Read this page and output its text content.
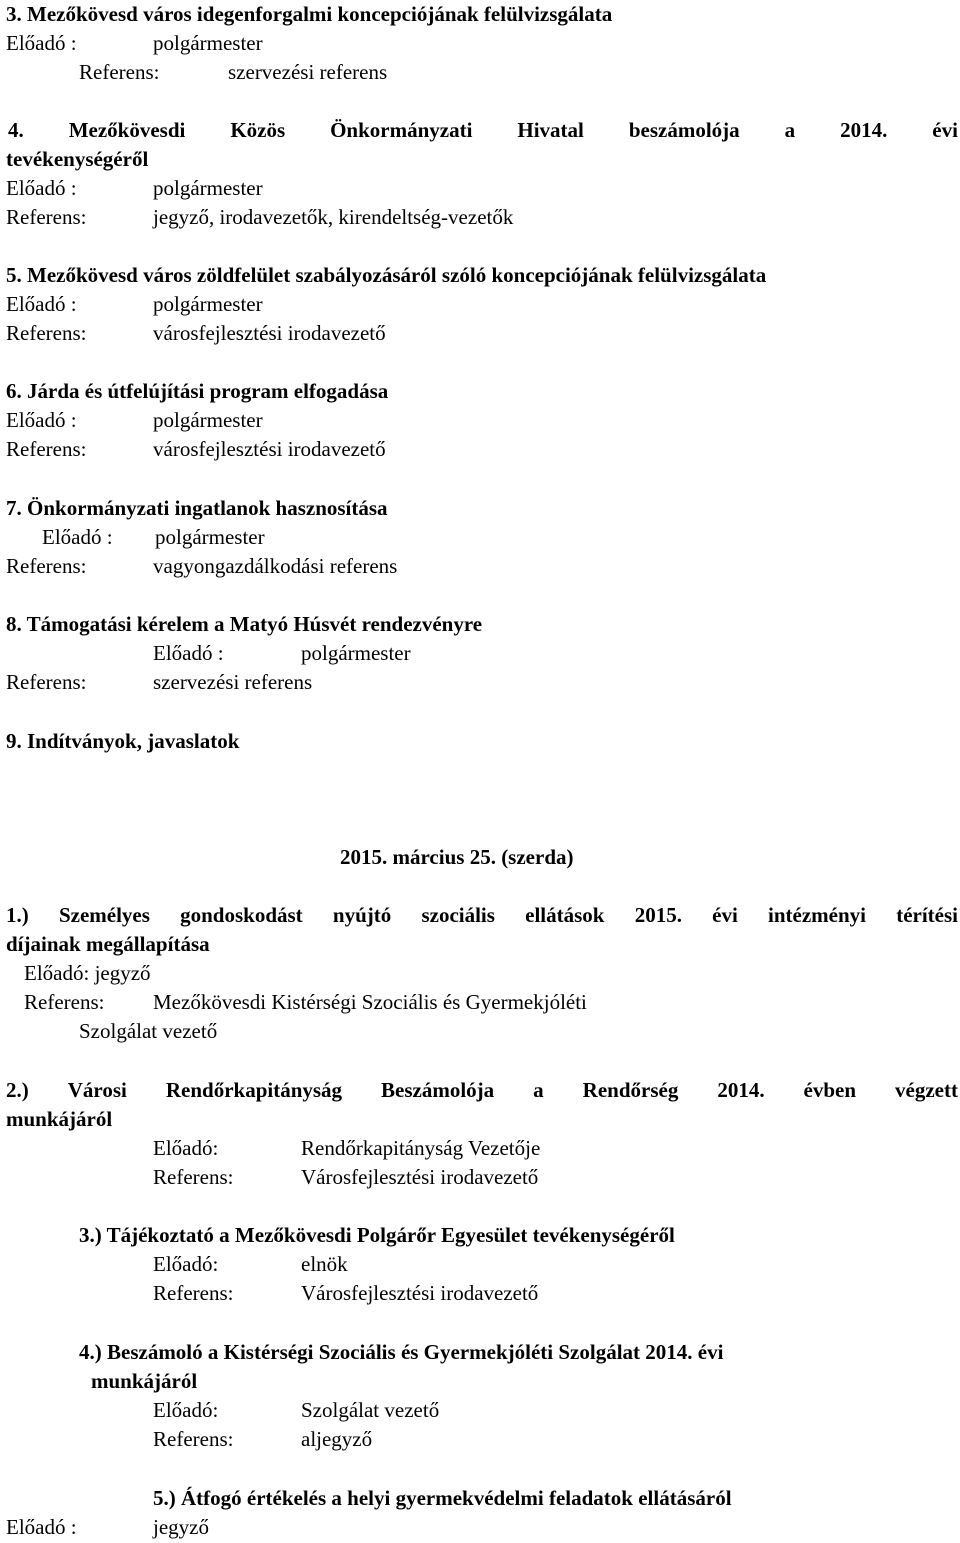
3. Mezőkövesd város idegenforgalmi koncepciójának felülvizsgálata
Előadó :	polgármester
Referens:	szervezési referens
4. Mezőkövesdi Közös Önkormányzati Hivatal beszámolója a 2014. évi
tevékenységéről
Előadó :	polgármester
Referens:	jegyző, irodavezetők, kirendeltség-vezetők
5. Mezőkövesd város zöldfelület szabályozásáról szóló koncepciójának felülvizsgálata
Előadó :	polgármester
Referens:	városfejlesztési irodavezető
6. Járda és útfelújítási program elfogadása
Előadó :	polgármester
Referens:	városfejlesztési irodavezető
7. Önkormányzati ingatlanok hasznosítása
Előadó : polgármester
Referens:	vagyongazdálkodási referens
8. Támogatási kérelem a Matyó Húsvét rendezvényre
Előadó :	polgármester
Referens:	szervezési referens
9. Indítványok, javaslatok
2015. március 25. (szerda)
1.) Személyes gondoskodást nyújtó szociális ellátások 2015. évi intézményi térítési
díjainak megállapítása
Előadó: jegyző
Referens: Mezőkövesdi Kistérségi Szociális és Gyermekjóléti
Szolgálat vezető
2.) Városi Rendőrkapitányság Beszámolója a Rendőrség 2014. évben végzett
munkájáról
Előadó:	Rendőrkapitányság Vezetője
Referens:	Városfejlesztési irodavezető
3.) Tájékoztató a Mezőkövesdi Polgárőr Egyesület tevékenységéről
Előadó:	elnök
Referens:	Városfejlesztési irodavezető
4.) Beszámoló a Kistérségi Szociális és Gyermekjóléti Szolgálat 2014. évi
munkájáról
Előadó:	Szolgálat vezető
Referens:	aljegyző
5.) Átfogó értékelés a helyi gyermekvédelmi feladatok ellátásáról
Előadó :	jegyző
